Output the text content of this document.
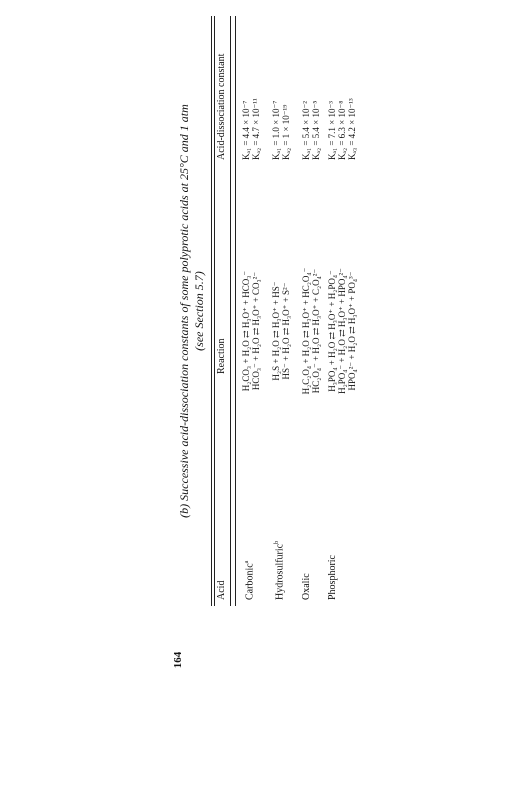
164
(b) Successive acid-dissociation constants of some polyprotic acids at 25°C and 1 atm (see Section 5.7)
Acid
Reaction
Acid-dissociation constant
Carbonic$^a$
H₂CO₃ + H₂O ⇄ H₃O⁺ + HCO₃⁻ HCO₃⁻ + H₂O ⇄ H₃O⁺ + CO₃²⁻
Kₐ₁ = 4.4 × 10⁻⁷ Kₐ₂ = 4.7 × 10⁻¹¹
Hydrosulfuric$^b$
H₂S + H₂O ⇄ H₃O⁺ + HS⁻ HS⁻ + H₂O ⇄ H₃O⁺ + S²⁻
Kₐ₁ = 1.0 × 10⁻⁷ Kₐ₂ = 1 × 10⁻¹⁹
Oxalic
H₂C₂O₄ + H₂O ⇄ H₃O⁺ + HC₂O₄⁻ HC₂O₄⁻ + H₂O ⇄ H₃O⁺ + C₂O₄²⁻
Kₐ₁ = 5.4 × 10⁻² Kₐ₂ = 5.4 × 10⁻⁵
Phosphoric
H₃PO₄ + H₂O ⇄ H₃O⁺ + H₂PO₄⁻ H₂PO₄⁻ + H₂O ⇄ H₃O⁺ + HPO₄²⁻ HPO₄²⁻ + H₂O ⇄ H₃O⁺ + PO₄³⁻
Kₐ₁ = 7.1 × 10⁻³ Kₐ₂ = 6.3 × 10⁻⁸ Kₐ₃ = 4.2 × 10⁻¹³
